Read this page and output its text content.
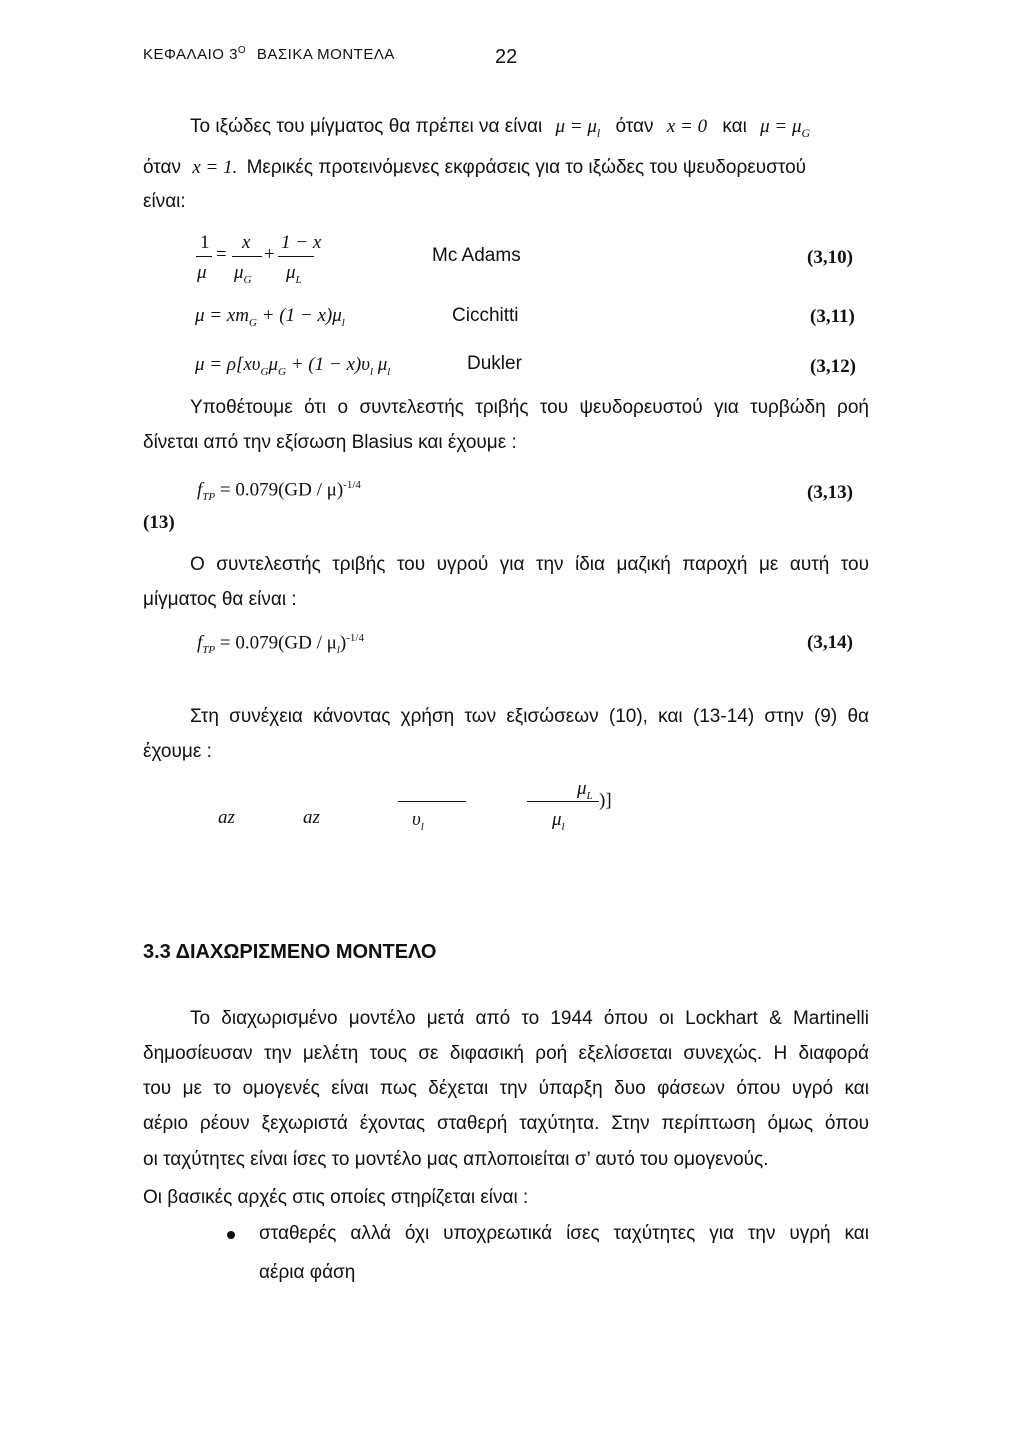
ΚΕΦΑΛΑΙΟ $3^O$ ΒΑΣΙΚΑ ΜΟΝΤΕΛΑ	22
Το ιξώδες του μίγματος θα πρέπει να είναι $\mu = \mu_l$ όταν x = 0 και $\mu = \mu_G$
όταν x = 1. Μερικές προτεινόμενες εκφράσεις για το ιξώδες του ψευδορευστού
είναι:
1
μ
=
x
$\mu_G$
+
1 − x
$\mu_L$
Mc Adams	(3,10)
$\mu = xm_G + (1 - x)\mu_l$	Cicchitti	(3,11)
$\mu = \rho[x\upsilon_G\mu_G + (1 - x)\upsilon_l$ $\mu_l$	Dukler	(3,12)
Υποθέτουμε ότι ο συντελεστής τριβής του ψευδορευστού για τυρβώδη ροή
δίνεται από την εξίσωση Blasius και έχουμε :
$f_{TP} = 0.079(GD / \mu)^{-1/4}$	(3,13)
(13)
Ο συντελεστής τριβής του υγρού για την ίδια μαζική παροχή με αυτή του
μίγματος θα είναι :
$f_{TP} = 0.079(GD / \mu_l)^{-1/4}$	(3,14)
Στη συνέχεια κάνοντας χρήση των εξισώσεων (10), και (13-14) στην (9) θα
έχουμε :
az	az	$\upsilon_l$
$\mu_L$ )]
$\mu_l$
3.3 ΔΙΑΧΩΡΙΣΜΕΝΟ ΜΟΝΤΕΛΟ
Το διαχωρισμένο μοντέλο μετά από το 1944 όπου οι Lockhart & Martinelli
δημοσίευσαν την μελέτη τους σε διφασική ροή εξελίσσεται συνεχώς. Η διαφορά
του με το ομογενές είναι πως δέχεται την ύπαρξη δυο φάσεων όπου υγρό και
αέριο ρέουν ξεχωριστά έχοντας σταθερή ταχύτητα. Στην περίπτωση όμως όπου
οι ταχύτητες είναι ίσες το μοντέλο μας απλοποιείται σ’ αυτό του ομογενούς.
Οι βασικές αρχές στις οποίες στηρίζεται είναι :
σταθερές αλλά όχι υποχρεωτικά ίσες ταχύτητες για την υγρή και
αέρια φάση
